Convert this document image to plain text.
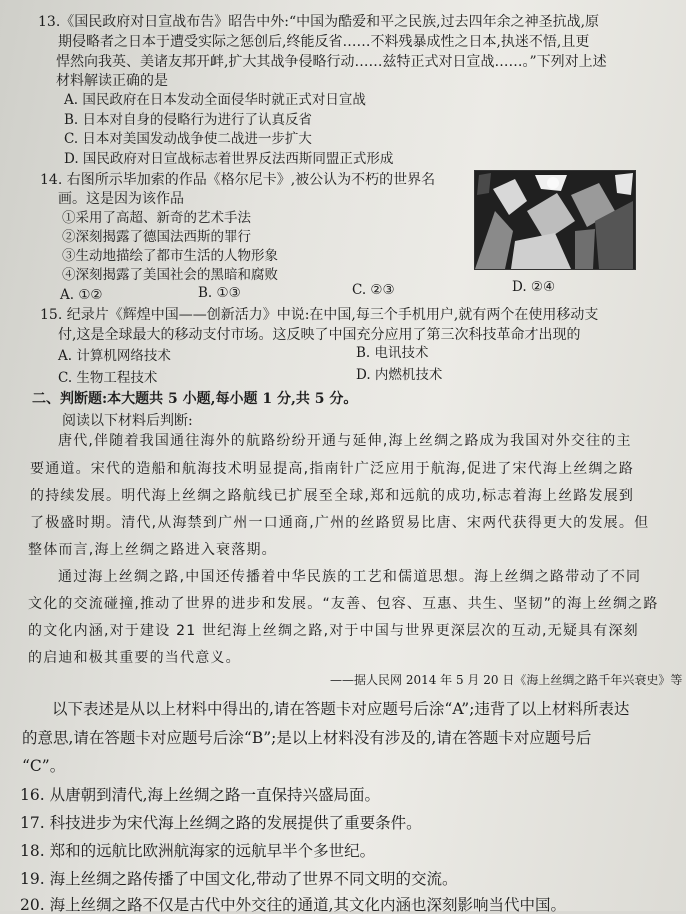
13.《国民政府对日宣战布告》昭告中外:“中国为酷爱和平之民族,过去四年余之神圣抗战,原
期侵略者之日本于遭受实际之惩创后,终能反省……不料残暴成性之日本,执迷不悟,且更
悍然向我英、美诸友邦开衅,扩大其战争侵略行动……兹特正式对日宣战……。”下列对上述
材料解读正确的是
A. 国民政府在日本发动全面侵华时就正式对日宣战
B. 日本对自身的侵略行为进行了认真反省
C. 日本对美国发动战争使二战进一步扩大
D. 国民政府对日宣战标志着世界反法西斯同盟正式形成
14. 右图所示毕加索的作品《格尔尼卡》,被公认为不朽的世界名
画。这是因为该作品
①采用了高超、新奇的艺术手法
②深刻揭露了德国法西斯的罪行
③生动地描绘了都市生活的人物形象
④深刻揭露了美国社会的黑暗和腐败
A. ①②	B. ①③	C. ②③	D. ②④
15. 纪录片《辉煌中国——创新活力》中说:在中国,每三个手机用户,就有两个在使用移动支
付,这是全球最大的移动支付市场。这反映了中国充分应用了第三次科技革命才出现的
A. 计算机网络技术	B. 电讯技术
C. 生物工程技术	D. 内燃机技术
二、判断题:本大题共 5 小题,每小题 1 分,共 5 分。
阅读以下材料后判断:
唐代,伴随着我国通往海外的航路纷纷开通与延伸,海上丝绸之路成为我国对外交往的主
要通道。宋代的造船和航海技术明显提高,指南针广泛应用于航海,促进了宋代海上丝绸之路
的持续发展。明代海上丝绸之路航线已扩展至全球,郑和远航的成功,标志着海上丝路发展到
了极盛时期。清代,从海禁到广州一口通商,广州的丝路贸易比唐、宋两代获得更大的发展。但
整体而言,海上丝绸之路进入衰落期。
通过海上丝绸之路,中国还传播着中华民族的工艺和儒道思想。海上丝绸之路带动了不同
文化的交流碰撞,推动了世界的进步和发展。“友善、包容、互惠、共生、坚韧”的海上丝绸之路
的文化内涵,对于建设 21 世纪海上丝绸之路,对于中国与世界更深层次的互动,无疑具有深刻
的启迪和极其重要的当代意义。
——据人民网 2014 年 5 月 20 日《海上丝绸之路千年兴衰史》等
以下表述是从以上材料中得出的,请在答题卡对应题号后涂“A”;违背了以上材料所表达
的意思,请在答题卡对应题号后涂“B”;是以上材料没有涉及的,请在答题卡对应题号后
“C”。
16. 从唐朝到清代,海上丝绸之路一直保持兴盛局面。
17. 科技进步为宋代海上丝绸之路的发展提供了重要条件。
18. 郑和的远航比欧洲航海家的远航早半个多世纪。
19. 海上丝绸之路传播了中国文化,带动了世界不同文明的交流。
20. 海上丝绸之路不仅是古代中外交往的通道,其文化内涵也深刻影响当代中国。
